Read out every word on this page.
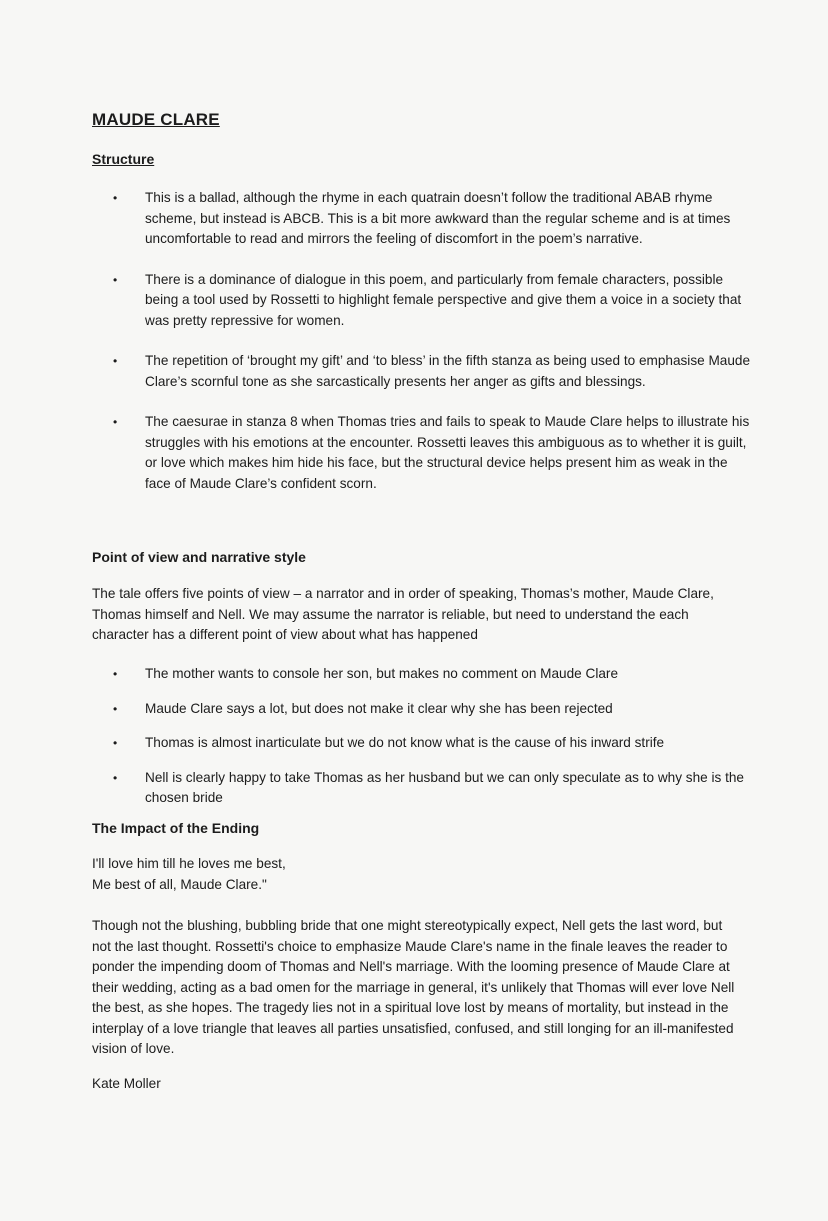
MAUDE CLARE
Structure
•	This is a ballad, although the rhyme in each quatrain doesn’t follow the traditional ABAB rhyme scheme, but instead is ABCB. This is a bit more awkward than the regular scheme and is at times uncomfortable to read and mirrors the feeling of discomfort in the poem’s narrative.
•	There is a dominance of dialogue in this poem, and particularly from female characters, possible being a tool used by Rossetti to highlight female perspective and give them a voice in a society that was pretty repressive for women.
•	The repetition of ‘brought my gift’ and ‘to bless’ in the fifth stanza as being used to emphasise Maude Clare’s scornful tone as she sarcastically presents her anger as gifts and blessings.
•	The caesurae in stanza 8 when Thomas tries and fails to speak to Maude Clare helps to illustrate his struggles with his emotions at the encounter. Rossetti leaves this ambiguous as to whether it is guilt, or love which makes him hide his face, but the structural device helps present him as weak in the face of Maude Clare’s confident scorn.
Point of view and narrative style
The tale offers five points of view – a narrator and in order of speaking, Thomas’s mother, Maude Clare, Thomas himself and Nell. We may assume the narrator is reliable, but need to understand the each character has a different point of view about what has happened
•	The mother wants to console her son, but makes no comment on Maude Clare
•	Maude Clare says a lot, but does not make it clear why she has been rejected
•	Thomas is almost inarticulate but we do not know what is the cause of his inward strife
•	Nell is clearly happy to take Thomas as her husband but we can only speculate as to why she is the chosen bride
The Impact of the Ending
I'll love him till he loves me best,
Me best of all, Maude Clare."
Though not the blushing, bubbling bride that one might stereotypically expect, Nell gets the last word, but not the last thought. Rossetti's choice to emphasize Maude Clare's name in the finale leaves the reader to ponder the impending doom of Thomas and Nell's marriage. With the looming presence of Maude Clare at their wedding, acting as a bad omen for the marriage in general, it's unlikely that Thomas will ever love Nell the best, as she hopes. The tragedy lies not in a spiritual love lost by means of mortality, but instead in the interplay of a love triangle that leaves all parties unsatisfied, confused, and still longing for an ill-manifested vision of love.
Kate Moller
